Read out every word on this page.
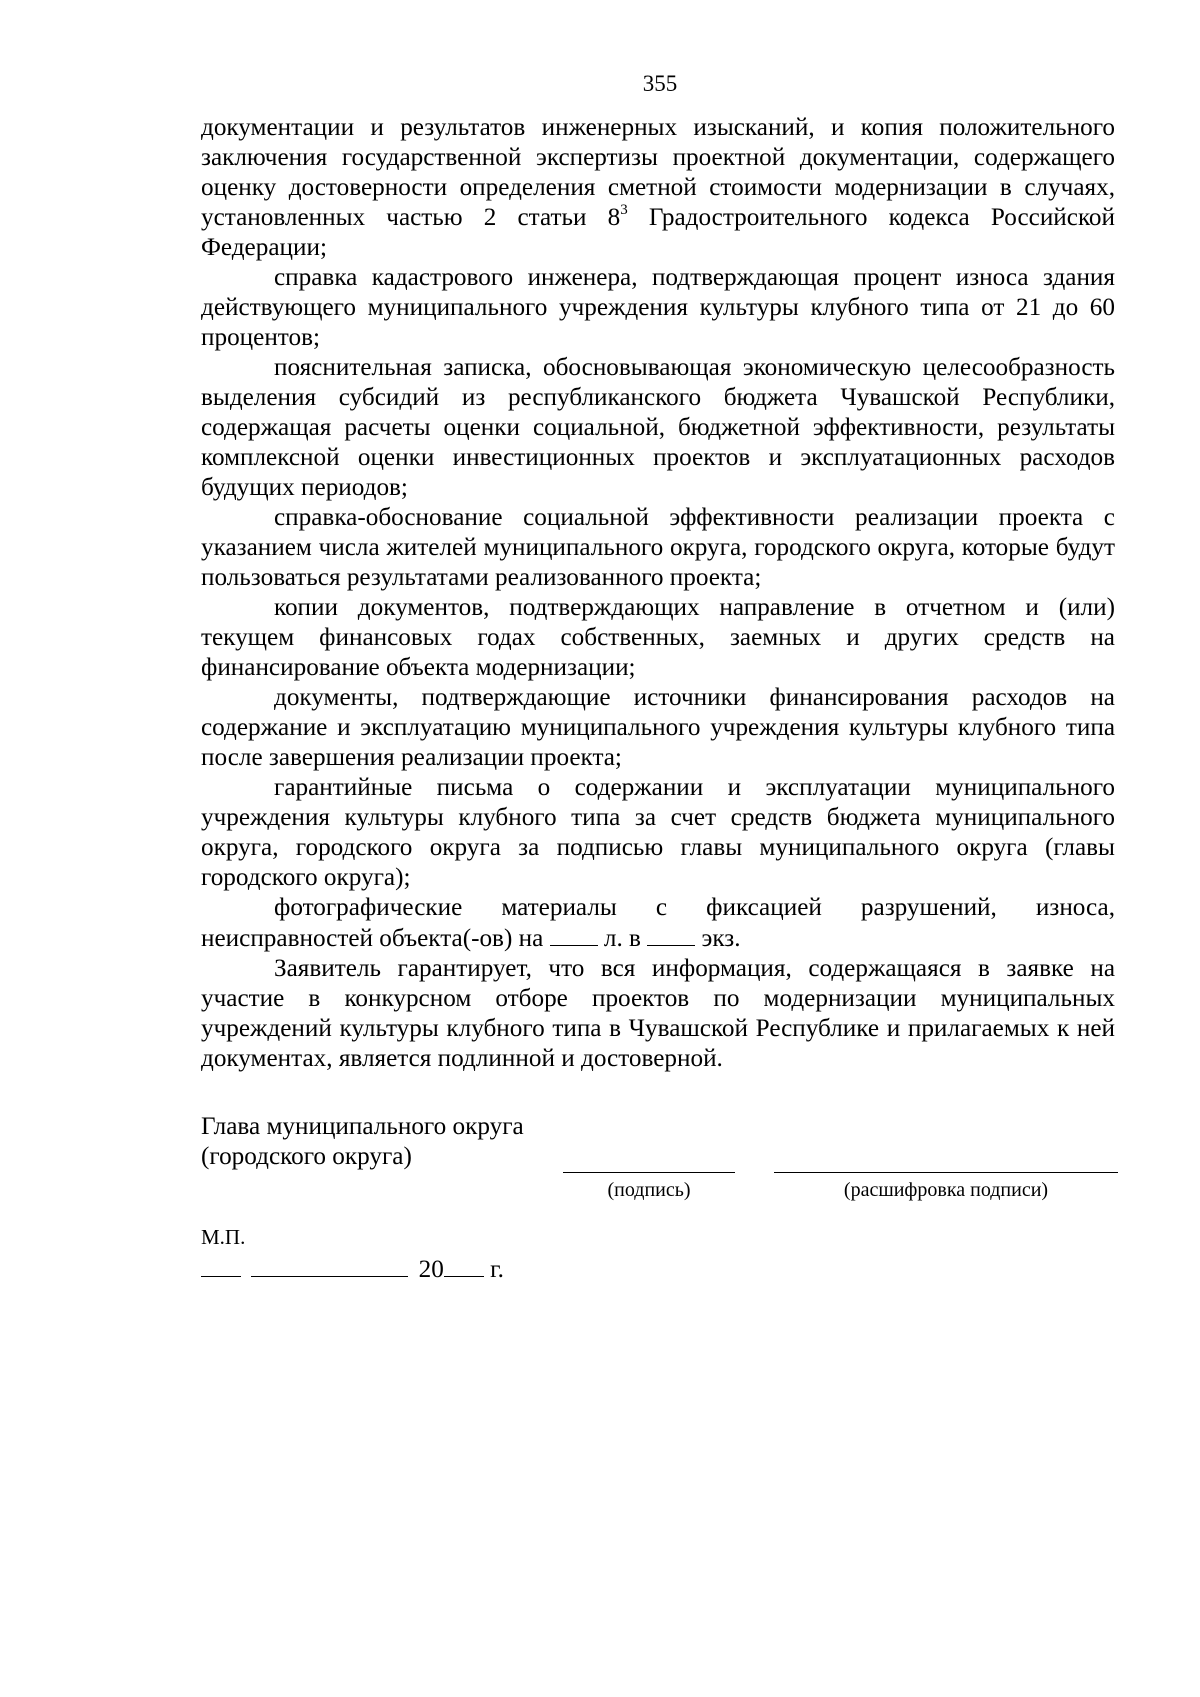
355

документации и результатов инженерных изысканий, и копия положительного заключения государственной экспертизы проектной документации, содержащего оценку достоверности определения сметной стоимости модернизации в случаях, установленных частью 2 статьи $8^3$ Градостроительного кодекса Российской Федерации;

справка кадастрового инженера, подтверждающая процент износа здания действующего муниципального учреждения культуры клубного типа от 21 до 60 процентов;

пояснительная записка, обосновывающая экономическую целесообразность выделения субсидий из республиканского бюджета Чувашской Республики, содержащая расчеты оценки социальной, бюджетной эффективности, результаты комплексной оценки инвестиционных проектов и эксплуатационных расходов будущих периодов;

справка-обоснование социальной эффективности реализации проекта с указанием числа жителей муниципального округа, городского округа, которые будут пользоваться результатами реализованного проекта;

копии документов, подтверждающих направление в отчетном и (или) текущем финансовых годах собственных, заемных и других средств на финансирование объекта модернизации;

документы, подтверждающие источники финансирования расходов на содержание и эксплуатацию муниципального учреждения культуры клубного типа после завершения реализации проекта;

гарантийные письма о содержании и эксплуатации муниципального учреждения культуры клубного типа за счет средств бюджета муниципального округа, городского округа за подписью главы муниципального округа (главы городского округа);

фотографические материалы с фиксацией разрушений, износа, неисправностей объекта(-ов) на  л. в  экз.

Заявитель гарантирует, что вся информация, содержащаяся в заявке на участие в конкурсном отборе проектов по модернизации муниципальных учреждений культуры клубного типа в Чувашской Республике и прилагаемых к ней документах, является подлинной и достоверной.

Глава муниципального округа
(городского округа)
(подпись)	(расшифровка подписи)
М.П.
20 г.
